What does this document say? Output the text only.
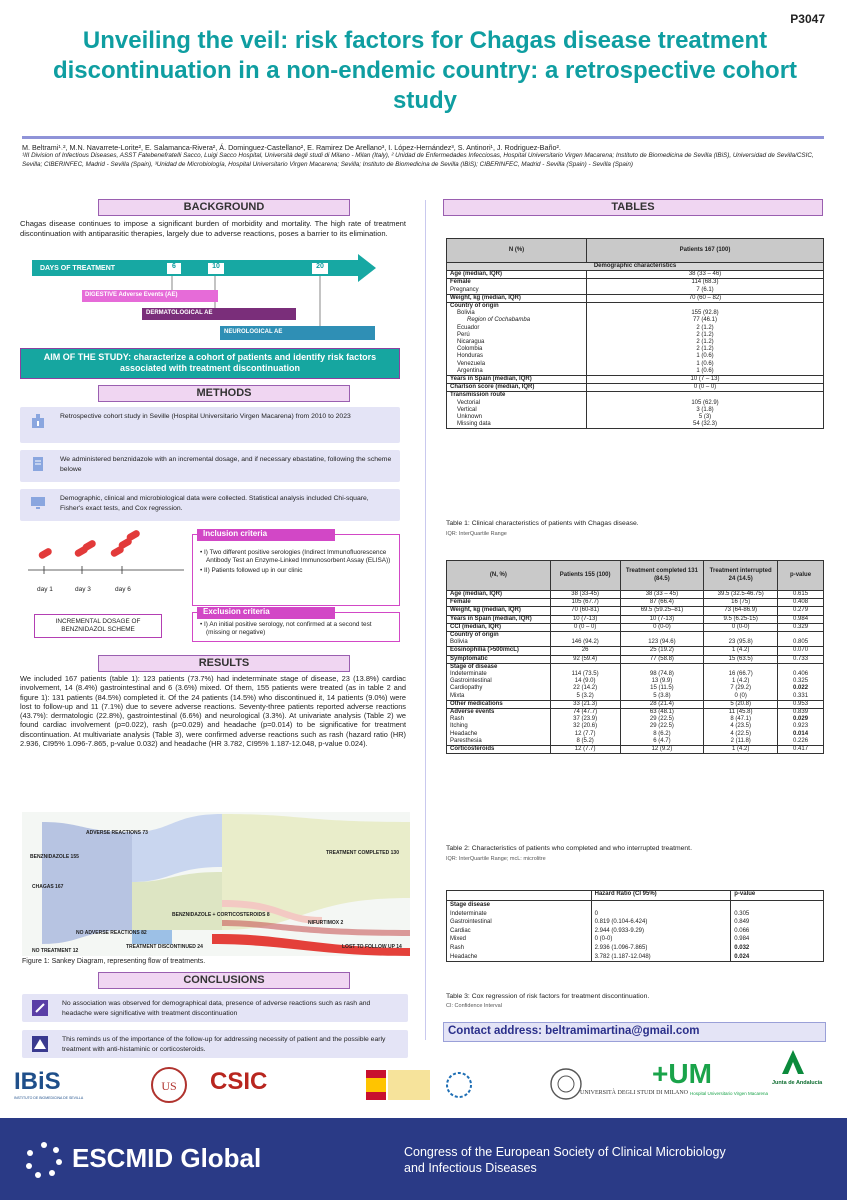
P3047
Unveiling the veil: risk factors for Chagas disease treatment discontinuation in a non-endemic country: a retrospective cohort study
M. Beltrami¹˒², M.N. Navarrete-Lorite², E. Salamanca-Rivera², Á. Dominguez-Castellano², E. Ramirez De Arellano³, I. López-Hernández³, S. Antinori¹, J. Rodriguez-Baño².
¹III Division of Infectious Diseases, ASST Fatebenefratelli Sacco, Luigi Sacco Hospital, Università degli studi di Milano - Milan (Italy), ² Unidad de Enfermedades Infecciosas, Hospital Universitario Virgen Macarena; Instituto de Biomedicina de Sevilla (IBiS), Universidad de Sevilla/CSIC, Sevilla; CIBERINFEC, Madrid - Sevilla (Spain), ³Unidad de Microbiología, Hospital Universitario Virgen Macarena; Sevilla; Instituto de Biomedicina de Sevilla (IBiS); CIBERINFEC, Madrid - Sevilla (Spain) - Sevilla (Spain)
BACKGROUND
Chagas disease continues to impose a significant burden of morbidity and mortality. The high rate of treatment discontinuation with antiparasitic therapies, largely due to adverse reactions, poses a barrier to its elimination.
DAYS OF TREATMENT	6	10	20
DIGESTIVE Adverse Events (AE)
DERMATOLOGICAL AE
NEUROLOGICAL AE
AIM OF THE STUDY: characterize a cohort of patients and identify risk factors associated with treatment discontinuation
METHODS
Retrospective cohort study in Seville (Hospital Universitario Virgen Macarena) from 2010 to 2023
We administered benznidazole with an incremental dosage, and if necessary ebastatine, following the scheme belowe
Demographic, clinical and microbiological data were collected. Statistical analysis included Chi-square, Fisher's exact tests, and Cox regression.
day 1	day 3	day 6
INCREMENTAL DOSAGE OF BENZNIDAZOL SCHEME
Inclusion criteria
• I) Two different positive serologies (Indirect Immunofluorescence Antibody Test an Enzyme-Linked Immunosorbent Assay (ELISA))
• II) Patients followed up in our clinic
Exclusion criteria
• I) An initial positive serology, not confirmed at a second test (missing or negative)
RESULTS
We included 167 patients (table 1): 123 patients (73.7%) had indeterminate stage of disease, 23 (13.8%) cardiac involvement, 14 (8.4%) gastrointestinal and 6 (3.6%) mixed. Of them, 155 patients were treated (as in table 2 and figure 1): 131 patients (84.5%) completed it. Of the 24 patients (14.5%) who discontinued it, 14 patients (9.0%) were lost to follow-up and 11 (7.1%) due to severe adverse reactions. Seventy-three patients reported adverse reactions (43.7%): dermatologic (22.8%), gastrointestinal (6.6%) and neurological (3.3%). At univariate analysis (Table 2) we found cardiac involvement (p=0.022), rash (p=0.029) and headache (p=0.014) to be significative for treatment discontinuation. At multivariate analysis (Table 3), were confirmed adverse reactions such as rash (hazard ratio (HR) 2.936, CI95% 1.096-7.865, p-value 0.032) and headache (HR 3.782, CI95% 1.187-12.048, p-value 0.024).
ADVERSE REACTIONS 73
BENZNIDAZOLE 155
CHAGAS 167
NO ADVERSE REACTIONS 82
NO TREATMENT 12
TREATMENT COMPLETED 130
BENZNIDAZOLE + CORTICOSTEROIDS 8
NIFURTIMOX 2
TREATMENT DISCONTINUED 24	LOST TO FOLLOW UP 14
Figure 1: Sankey Diagram, representing flow of treatments.
CONCLUSIONS
No association was observed for demographical data, presence of adverse reactions such as rash and headache were significative with treatment discontinuation
This reminds us of the importance of the follow-up for addressing necessity of patient and the possible early treatment with anti-histaminic or corticosteroids.
TABLES
N (%)	Patients 167 (100)
Demographic characteristics	
Age (median, IQR)	38 (33 – 46)
Female	114 (68.3)
Pregnancy	7 (6.1)
Weight, kg (median, IQR)	70 (60 – 82)
Country of origin	
Bolivia	155 (92.8)
Region of Cochabamba	77 (46.1)
Ecuador	2 (1.2)
Perú	2 (1.2)
Nicaragua	2 (1.2)
Colombia	2 (1.2)
Honduras	1 (0.6)
Venezuela	1 (0.6)
Argentina	1 (0.6)
Years in Spain (median, IQR)	10 (7 – 13)
Charlson score (median, IQR)	0 (0 – 0)
Transmission route	
Vectorial	105 (62.9)
Vertical	3 (1.8)
Unknown	5 (3)
Missing data	54 (32.3)
Table 1: Clinical characteristics of patients with Chagas disease.
IQR: InterQuartile Range
(N, %)	Patients 155 (100)	Treatment completed 131 (84.5)	Treatment interrupted 24 (14.5)	p-value
Age (median, IQR)	38 (33-45)	38 (33 – 45)	39.5 (32.5-46.75)	0.615
Female	105 (67.7)	87 (66.4)	16 (75)	0.408
Weight, kg (median, IQR)	70 (60-81)	69.5 (59.25–81)	73 (64-86.9)	0.279
Years in Spain (median, IQR)	10 (7-13)	10 (7-13)	9.5 (6.25-15)	0.984
CCI (median, IQR)	0 (0 – 0)	0 (0-0)	0 (0-0)	0.329
Country of origin				
Bolivia	146 (94.2)	123 (94.6)	23 (95.8)	0.805
Eosinophilia (>500/mcL)	26	25 (19.2)	1 (4.2)	0.070
Symptomatic	92 (59.4)	77 (58.8)	15 (63.5)	0.733
Stage of disease				
Indeterminate	114 (73.5)	98 (74.8)	16 (66.7)	0.406
Gastrointestinal	14 (9.0)	13 (9.9)	1 (4.2)	0.325
Cardiopathy	22 (14.2)	15 (11.5)	7 (29.2)	0.022
Mixta	5 (3.2)	5 (3.8)	0 (0)	0.331
Other medications	33 (21.3)	28 (21.4)	5 (20.8)	0.953
Adverse events	74 (47.7)	63 (48.1)	11 (45.8)	0.839
Rash	37 (23.9)	29 (22.5)	8 (47.1)	0.029
Itching	32 (20.6)	29 (22.5)	4 (23.5)	0.923
Headache	12 (7.7)	8 (6.2)	4 (22.5)	0.014
Paresthesia	8 (5.2)	6 (4.7)	2 (11.8)	0.226
Corticosteroids	12 (7.7)	12 (9.2)	1 (4.2)	0.417
Table 2: Characteristics of patients who completed and who interrupted treatment.
IQR: InterQuartile Range; mcL: microlitre
	Hazard Ratio (CI 95%)	p-value
Stage disease		
Indeterminate	0	0.305
Gastrointestinal	0.819 (0.104-6.424)	0.849
Cardiac	2.944 (0.933-9.29)	0.066
Mixed	0 (0-0)	0.984
Rash	2.936 (1.096-7.865)	0.032
Headache	3.782 (1.187-12.048)	0.024
Table 3: Cox regression of risk factors for treatment discontinuation.
CI: Confidence Interval
Contact address: beltramimartina@gmail.com
IBiS
INSTITUTO DE BIOMEDICINA DE SEVILLA
US CSIC	UNIVERSITÀ DEGLI STUDI DI MILANO
+UM
Hospital Universitario Virgen Macarena
Junta de Andalucía
ESCMID Global	Congress of the European Society of Clinical Microbiology and Infectious Diseases
